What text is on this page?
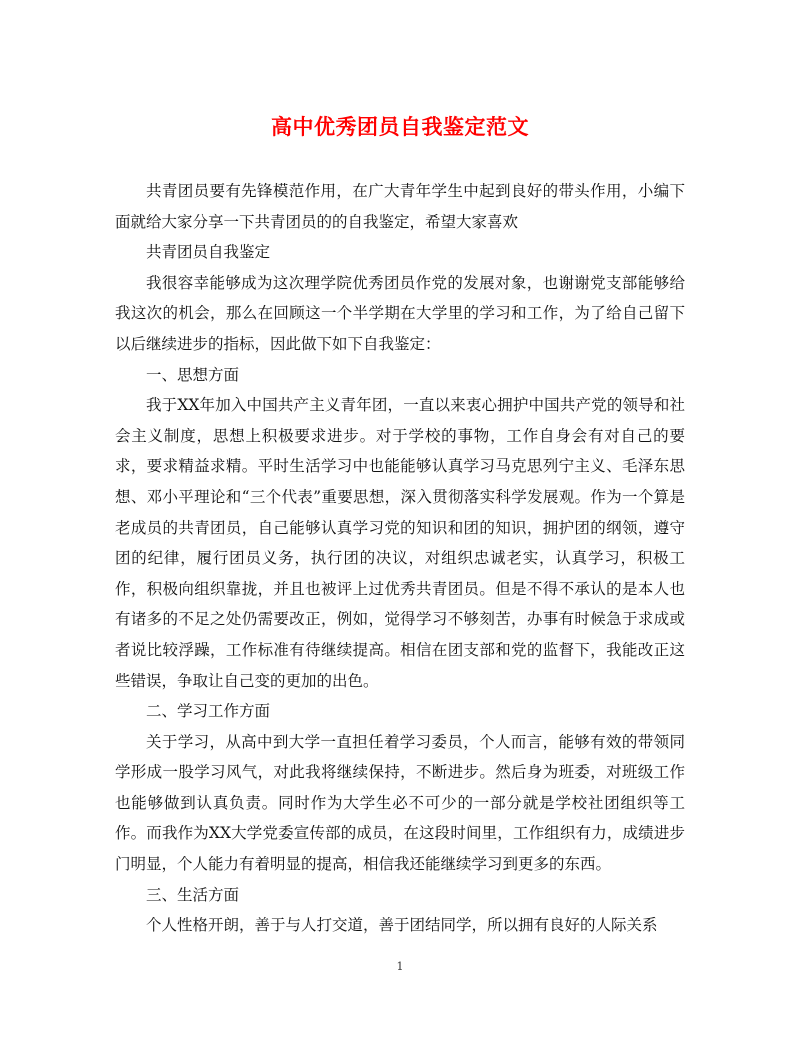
高中优秀团员自我鉴定范文

共青团员要有先锋模范作用，在广大青年学生中起到良好的带头作用，小编下面就给大家分享一下共青团员的的自我鉴定，希望大家喜欢

共青团员自我鉴定

我很容幸能够成为这次理学院优秀团员作党的发展对象，也谢谢党支部能够给我这次的机会，那么在回顾这一个半学期在大学里的学习和工作，为了给自己留下以后继续进步的指标，因此做下如下自我鉴定：

一、思想方面

我于XX年加入中国共产主义青年团，一直以来衷心拥护中国共产党的领导和社会主义制度，思想上积极要求进步。对于学校的事物，工作自身会有对自己的要求，要求精益求精。平时生活学习中也能能够认真学习马克思列宁主义、毛泽东思想、邓小平理论和“三个代表”重要思想，深入贯彻落实科学发展观。作为一个算是老成员的共青团员，自己能够认真学习党的知识和团的知识，拥护团的纲领，遵守团的纪律，履行团员义务，执行团的决议，对组织忠诚老实，认真学习，积极工作，积极向组织靠拢，并且也被评上过优秀共青团员。但是不得不承认的是本人也有诸多的不足之处仍需要改正，例如，觉得学习不够刻苦，办事有时候急于求成或者说比较浮躁，工作标准有待继续提高。相信在团支部和党的监督下，我能改正这些错误，争取让自己变的更加的出色。

二、学习工作方面

关于学习，从高中到大学一直担任着学习委员，个人而言，能够有效的带领同学形成一股学习风气，对此我将继续保持，不断进步。然后身为班委，对班级工作也能够做到认真负责。同时作为大学生必不可少的一部分就是学校社团组织等工作。而我作为XX大学党委宣传部的成员，在这段时间里，工作组织有力，成绩进步门明显，个人能力有着明显的提高，相信我还能继续学习到更多的东西。

三、生活方面

个人性格开朗，善于与人打交道，善于团结同学，所以拥有良好的人际关系

1
